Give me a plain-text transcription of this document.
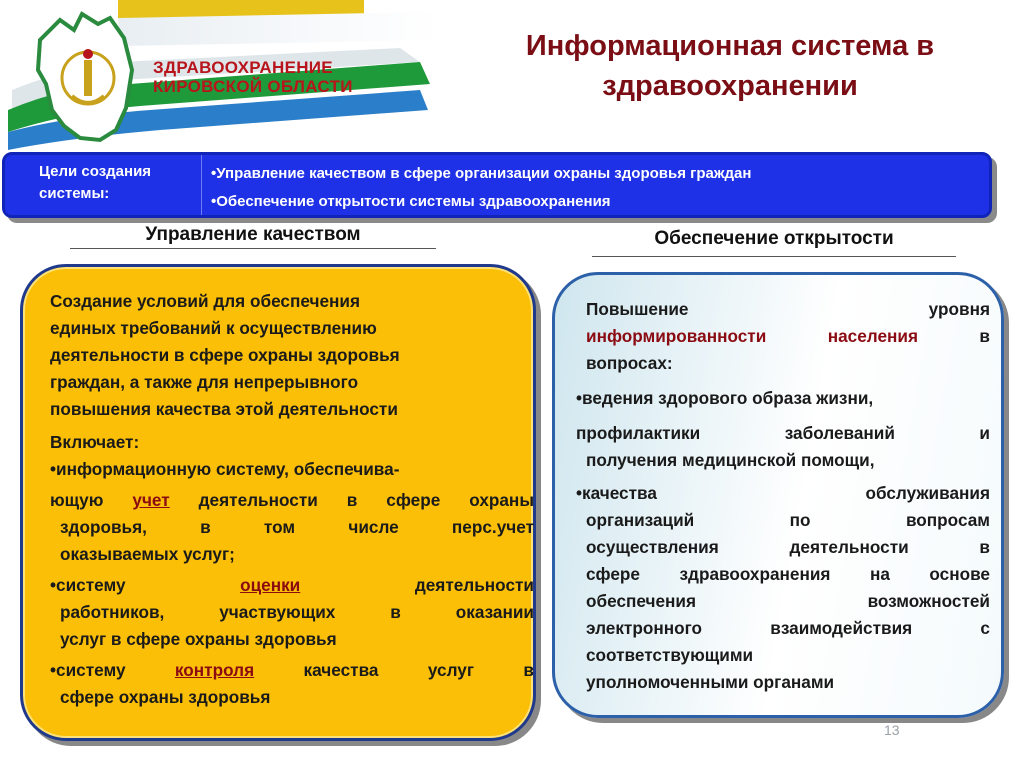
ЗДРАВООХРАНЕНИЕ
КИРОВСКОЙ ОБЛАСТИ
Информационная система в
здравоохранении
Цели создания
системы:
•Управление качеством в сфере организации охраны здоровья граждан
•Обеспечение открытости системы здравоохранения
Управление качеством	Обеспечение открытости

Создание условий для обеспечения

единых требований к осуществлению

деятельности в сфере охраны здоровья

граждан, а также для непрерывного

повышения качества этой деятельности

Включает:

•информационную систему, обеспечива-

ющую учет деятельности в сфере охраны

здоровья, в том числе перс.учет

оказываемых услуг;

•систему оценки деятельности

работников, участвующих в оказании

услуг в сфере охраны здоровья

•систему контроля качества услуг в

сфере охраны здоровья

Повышение уровня

информированности населения в

вопросах:

•ведения здорового образа жизни,

профилактики заболеваний и

получения медицинской помощи,

•качества обслуживания

организаций по вопросам

осуществления деятельности в

сфере здравоохранения на основе

обеспечения возможностей

электронного взаимодействия с

соответствующими

уполномоченными органами

13
